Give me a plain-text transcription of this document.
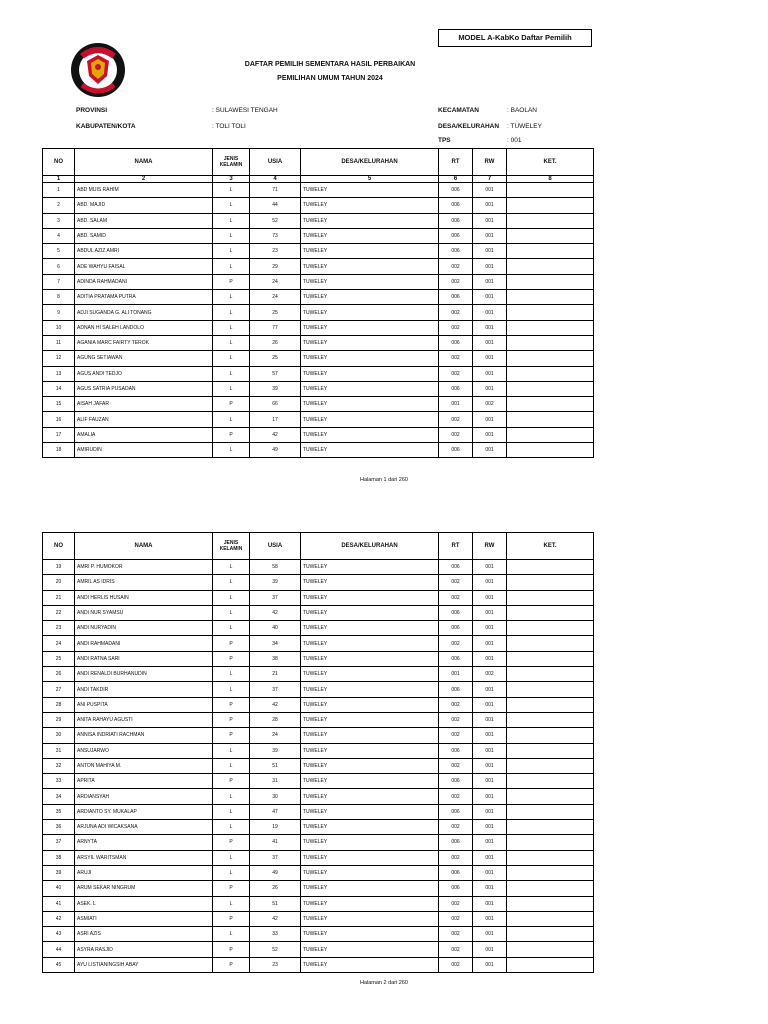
MODEL A-KabKo Daftar Pemilih
DAFTAR PEMILIH SEMENTARA HASIL PERBAIKAN
PEMILIHAN UMUM TAHUN 2024
PROVINSI	: SULAWESI TENGAH
KABUPATEN/KOTA	: TOLI TOLI
KECAMATAN	: BAOLAN
DESA/KELURAHAN : TUWELEY
TPS	: 001
NO	NAMA	JENIS
KELAMIN	USIA	DESA/KELURAHAN	RT	RW	KET.
1	2	3	4	5	6	7	8
1	ABD MUIS RAHIM	L	71	TUWELEY	006	001	
2	ABD. MAJID	L	44	TUWELEY	006	001	
3	ABD. SALAM	L	52	TUWELEY	006	001	
4	ABD. SAMID	L	73	TUWELEY	006	001	
5	ABDUL AZIZ AMRI	L	23	TUWELEY	006	001	
6	ADE WAHYU FAISAL	L	29	TUWELEY	002	001	
7	ADINDA RAHMADANI	P	24	TUWELEY	002	001	
8	ADITIA PRATAMA PUTRA	L	24	TUWELEY	006	001	
9	ADJI SUGANDA G. ALI TONANG	L	25	TUWELEY	002	001	
10	ADNAN HI SALEH LANDOLO	L	77	TUWELEY	002	001	
11	AGANIA MARC FAIRTY TEROK	L	26	TUWELEY	006	001	
12	AGUNG SETIAWAN	L	25	TUWELEY	002	001	
13	AGUS ANDI TEDJO	L	57	TUWELEY	002	001	
14	AGUS SATRIA PUSADAN	L	39	TUWELEY	006	001	
15	AISAH JAFAR	P	66	TUWELEY	001	002	
16	ALIF FAUZAN	L	17	TUWELEY	002	001	
17	AMALIA	P	42	TUWELEY	002	001	
18	AMIRUDIN	L	49	TUWELEY	006	001	
Halaman 1 dari 260
NO	NAMA	JENIS
KELAMIN	USIA	DESA/KELURAHAN	RT	RW	KET.
19	AMRI P. HUMOKOR	L	58	TUWELEY	006	001	
20	AMRIL AS IDRIS	L	39	TUWELEY	002	001	
21	ANDI HERLIS HUSAIN	L	37	TUWELEY	002	001	
22	ANDI NUR SYAMSU	L	42	TUWELEY	006	001	
23	ANDI NURYADIN	L	40	TUWELEY	006	001	
24	ANDI RAHMADANI	P	34	TUWELEY	002	001	
25	ANDI RATNA SARI	P	38	TUWELEY	006	001	
26	ANDI RENALDI BURHANUDIN	L	21	TUWELEY	001	002	
27	ANDI TAKDIR	L	37	TUWELEY	006	001	
28	ANI PUSPITA	P	42	TUWELEY	002	001	
29	ANITA RAHAYU AGUSTI	P	28	TUWELEY	002	001	
30	ANNISA INDRIATI RACHMAN	P	24	TUWELEY	002	001	
31	ANSUJARWO	L	39	TUWELEY	006	001	
32	ANTON MAHIYA M.	L	51	TUWELEY	002	001	
33	APRITA	P	31	TUWELEY	006	001	
34	ARDIANSYAH	L	30	TUWELEY	002	001	
35	ARDIANTO SY. MUKALAP	L	47	TUWELEY	006	001	
36	ARJUNA ADI WICAKSANA	L	19	TUWELEY	002	001	
37	ARNYTA	P	41	TUWELEY	006	001	
38	ARSYIL WARITSMAN	L	37	TUWELEY	002	001	
39	ARUJI	L	49	TUWELEY	006	001	
40	ARUM SEKAR NINGRUM	P	26	TUWELEY	006	001	
41	ASEK. L	L	51	TUWELEY	002	001	
42	ASMIATI	P	42	TUWELEY	002	001	
43	ASRI AZIS	L	33	TUWELEY	002	001	
44	ASYRA RASJID	P	52	TUWELEY	002	001	
45	AYU LISTIANINGSIH ABAY	P	23	TUWELEY	002	001	
Halaman 2 dari 260
